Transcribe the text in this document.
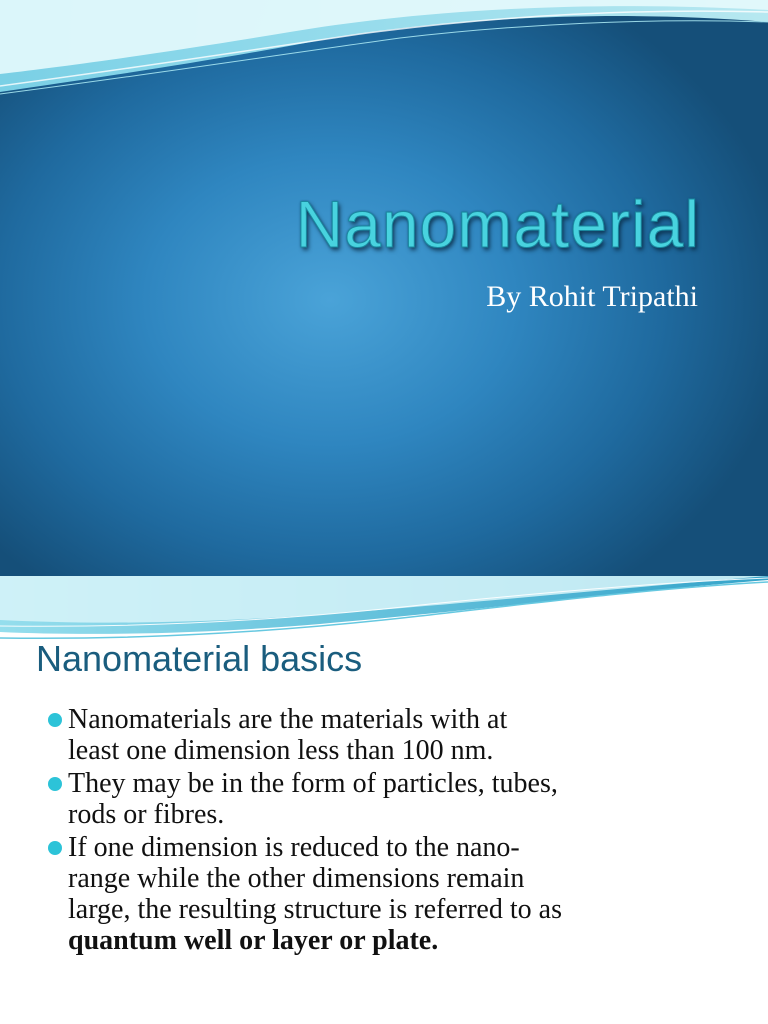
Nanomaterial

By Rohit Tripathi

Nanomaterial basics
Nanomaterials are the materials with at
least one dimension less than 100 nm.
They may be in the form of particles, tubes,
rods or fibres.
If one dimension is reduced to the nano-
range while the other dimensions remain
large, the resulting structure is referred to as
quantum well or layer or plate.
